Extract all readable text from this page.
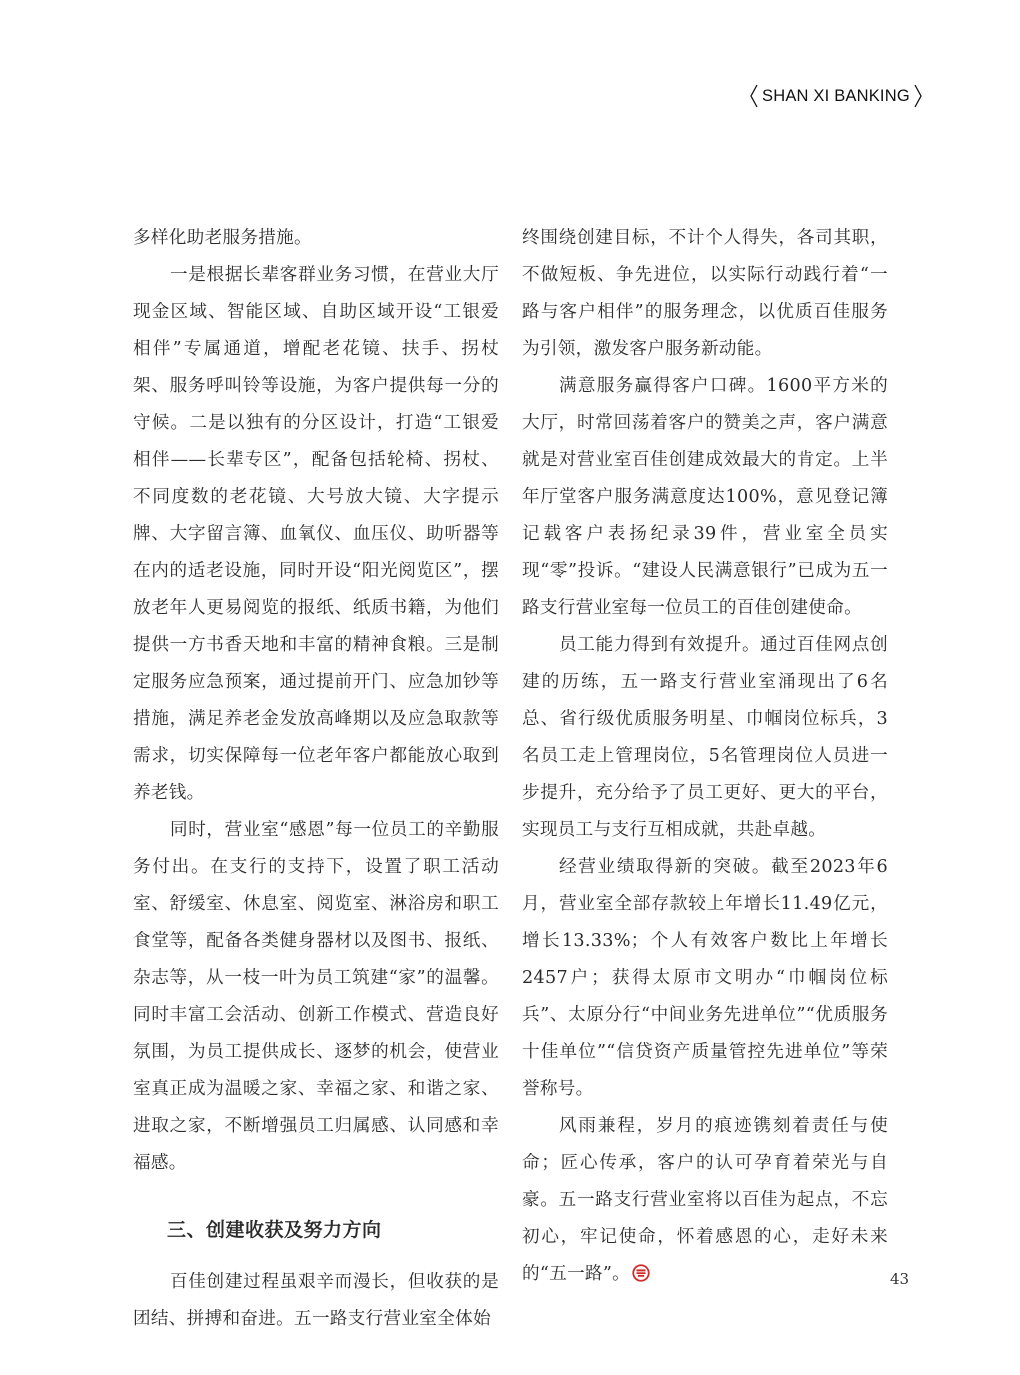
SHAN XI BANKING

多样化助老服务措施。

一是根据长辈客群业务习惯，在营业大厅现金区域、智能区域、自助区域开设“工银爱相伴”专属通道，增配老花镜、扶手、拐杖架、服务呼叫铃等设施，为客户提供每一分的守候。二是以独有的分区设计，打造“工银爱相伴——长辈专区”，配备包括轮椅、拐杖、不同度数的老花镜、大号放大镜、大字提示牌、大字留言簿、血氧仪、血压仪、助听器等在内的适老设施，同时开设“阳光阅览区”，摆放老年人更易阅览的报纸、纸质书籍，为他们提供一方书香天地和丰富的精神食粮。三是制定服务应急预案，通过提前开门、应急加钞等措施，满足养老金发放高峰期以及应急取款等需求，切实保障每一位老年客户都能放心取到养老钱。

同时，营业室“感恩”每一位员工的辛勤服务付出。在支行的支持下，设置了职工活动室、舒缓室、休息室、阅览室、淋浴房和职工食堂等，配备各类健身器材以及图书、报纸、杂志等，从一枝一叶为员工筑建“家”的温馨。同时丰富工会活动、创新工作模式、营造良好氛围，为员工提供成长、逐梦的机会，使营业室真正成为温暖之家、幸福之家、和谐之家、进取之家，不断增强员工归属感、认同感和幸福感。

三、创建收获及努力方向

百佳创建过程虽艰辛而漫长，但收获的是团结、拼搏和奋进。五一路支行营业室全体始

终围绕创建目标，不计个人得失，各司其职，不做短板、争先进位，以实际行动践行着“一路与客户相伴”的服务理念，以优质百佳服务为引领，激发客户服务新动能。

满意服务赢得客户口碑。1600平方米的大厅，时常回荡着客户的赞美之声，客户满意就是对营业室百佳创建成效最大的肯定。上半年厅堂客户服务满意度达100%，意见登记簿记载客户表扬纪录39件，营业室全员实现“零”投诉。“建设人民满意银行”已成为五一路支行营业室每一位员工的百佳创建使命。

员工能力得到有效提升。通过百佳网点创建的历练，五一路支行营业室涌现出了6名总、省行级优质服务明星、巾帼岗位标兵，3名员工走上管理岗位，5名管理岗位人员进一步提升，充分给予了员工更好、更大的平台，实现员工与支行互相成就，共赴卓越。

经营业绩取得新的突破。截至2023年6月，营业室全部存款较上年增长11.49亿元，增长13.33%；个人有效客户数比上年增长2457户；获得太原市文明办“巾帼岗位标兵”、太原分行“中间业务先进单位”“优质服务十佳单位”“信贷资产质量管控先进单位”等荣誉称号。

风雨兼程，岁月的痕迹镌刻着责任与使命；匠心传承，客户的认可孕育着荣光与自豪。五一路支行营业室将以百佳为起点，不忘初心，牢记使命，怀着感恩的心，走好未来的“五一路”。	43
